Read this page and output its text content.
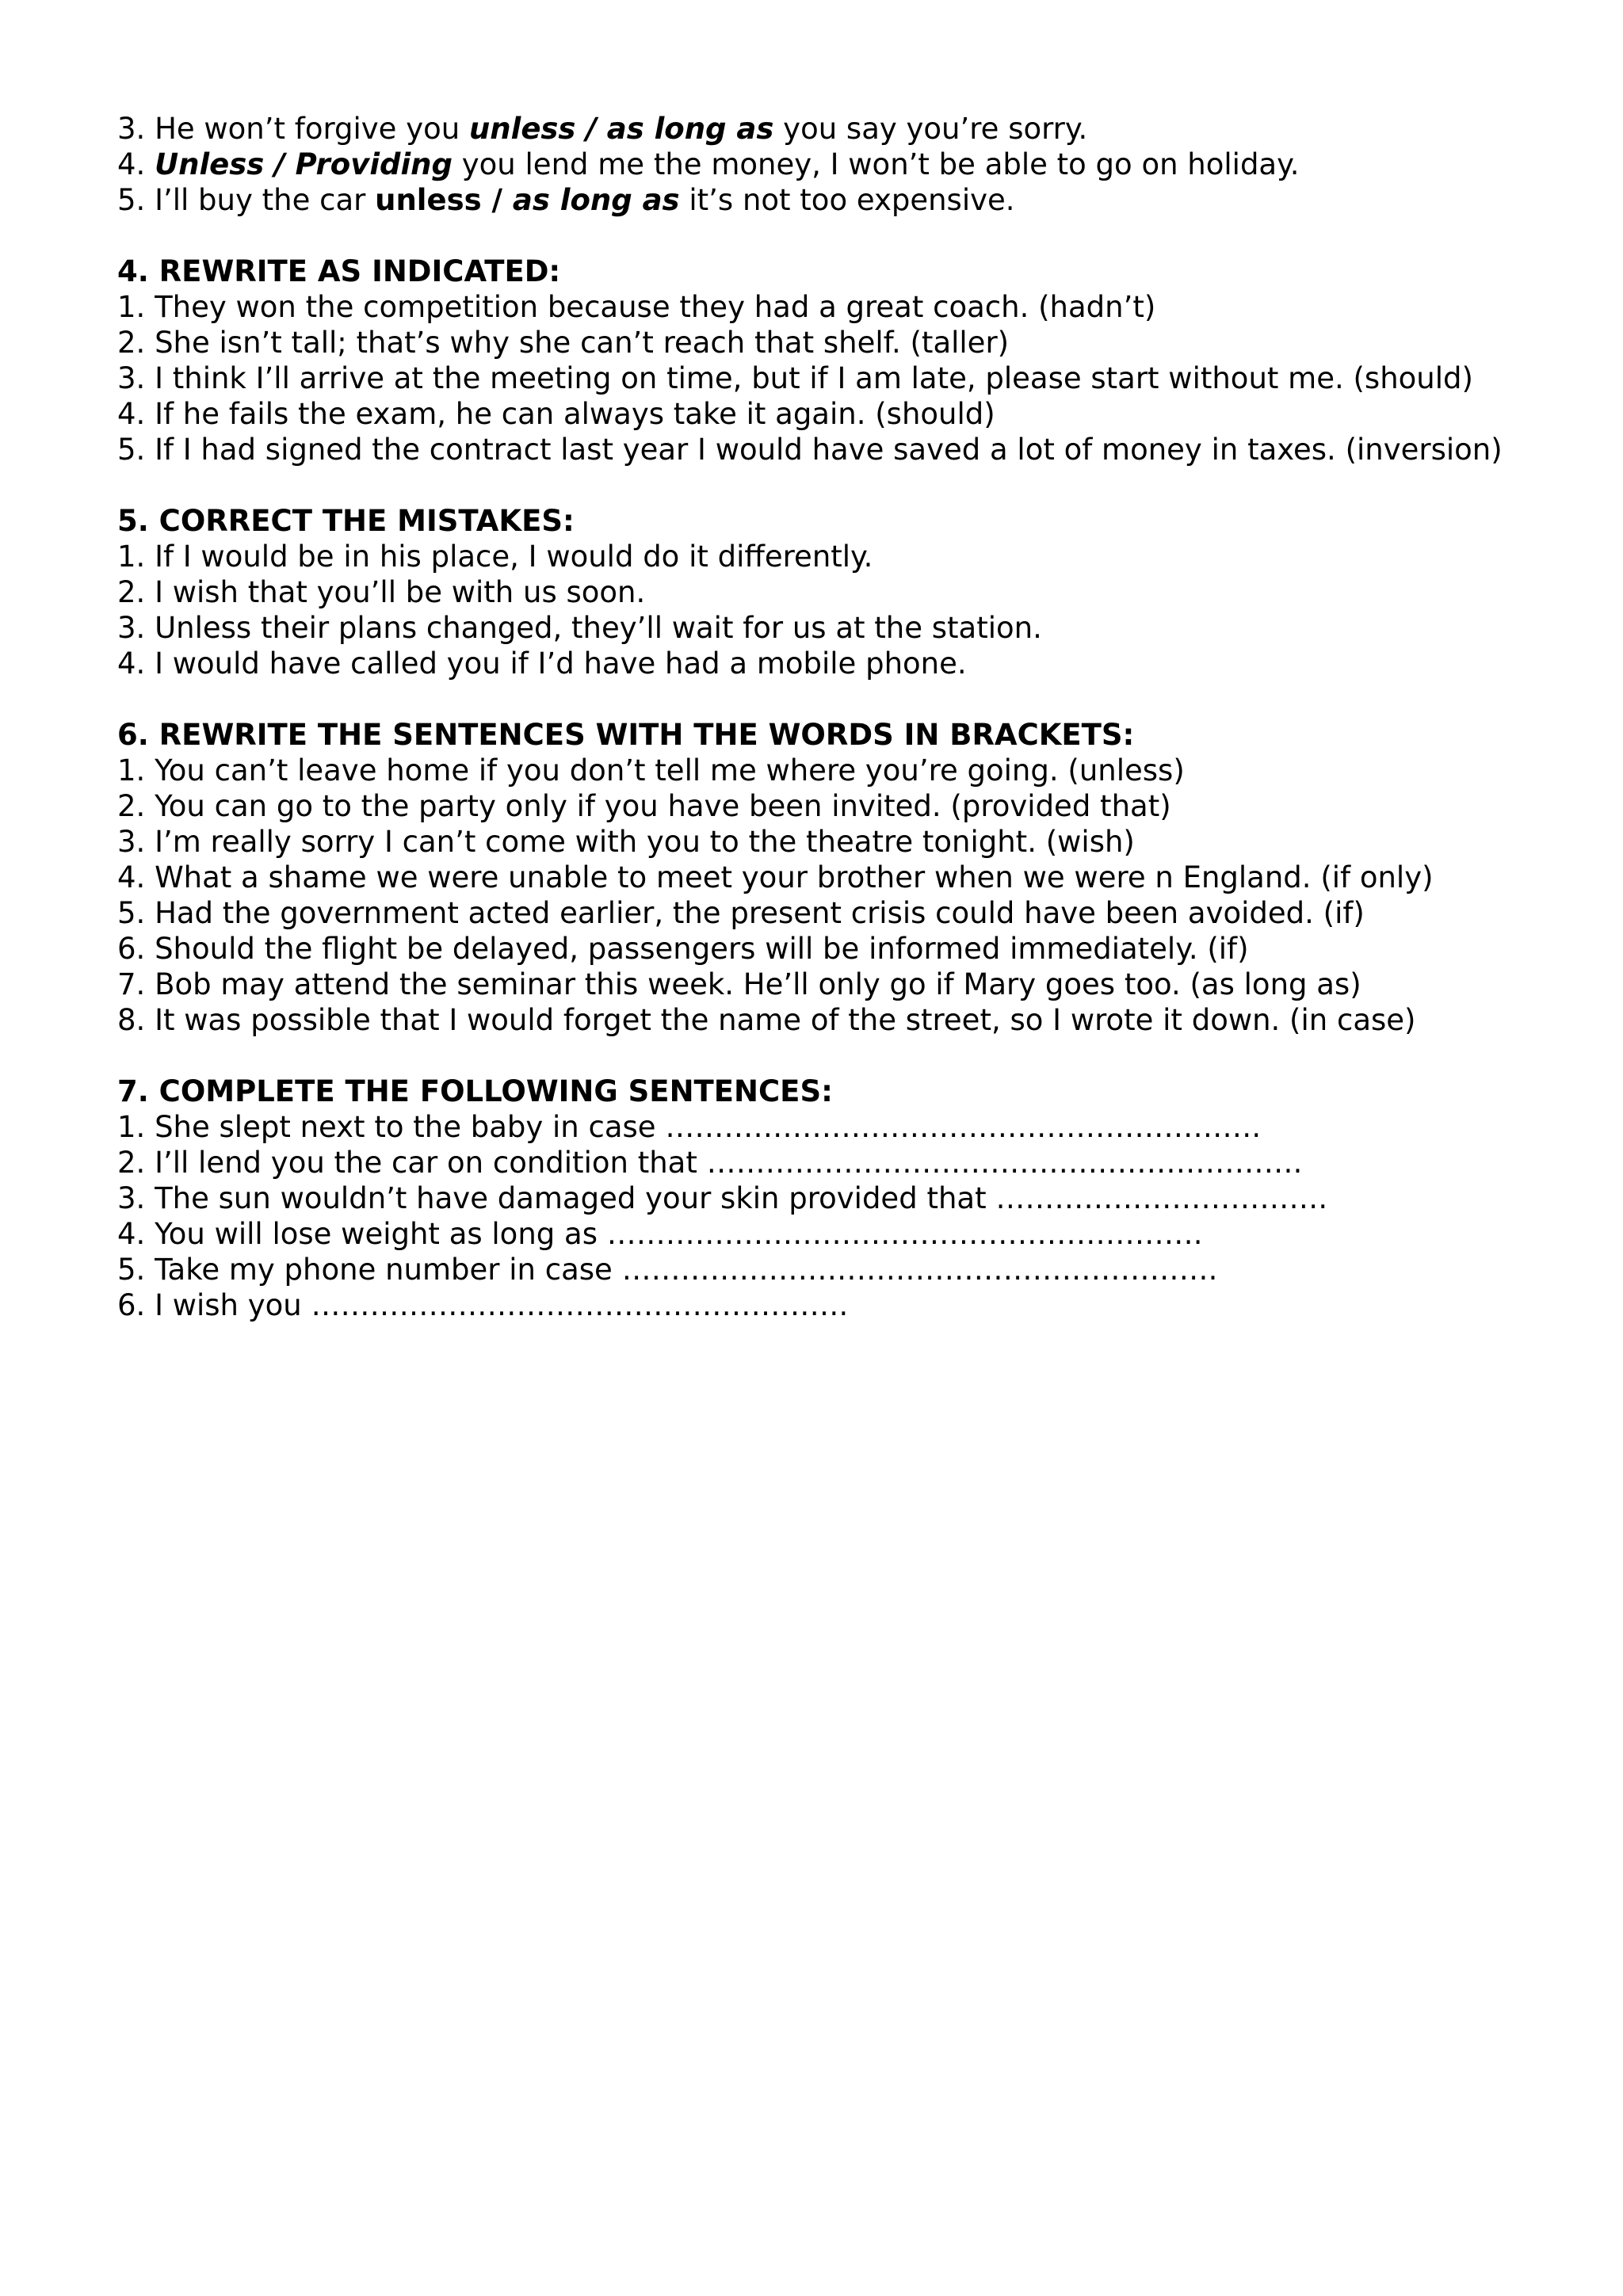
3. He won’t forgive you unless / as long as you say you’re sorry.
4. Unless / Providing you lend me the money, I won’t be able to go on holiday.
5. I’ll buy the car unless / as long as it’s not too expensive.
4. REWRITE AS INDICATED:
1. They won the competition because they had a great coach. (hadn’t)
2. She isn’t tall; that’s why she can’t reach that shelf. (taller)
3. I think I’ll arrive at the meeting on time, but if I am late, please start without me. (should)
4. If he fails the exam, he can always take it again. (should)
5. If I had signed the contract last year I would have saved a lot of money in taxes. (inversion)
5. CORRECT THE MISTAKES:
1. If I would be in his place, I would do it differently.
2. I wish that you’ll be with us soon.
3. Unless their plans changed, they’ll wait for us at the station.
4. I would have called you if I’d have had a mobile phone.
6. REWRITE THE SENTENCES WITH THE WORDS IN BRACKETS:
1. You can’t leave home if you don’t tell me where you’re going. (unless)
2. You can go to the party only if you have been invited. (provided that)
3. I’m really sorry I can’t come with you to the theatre tonight. (wish)
4. What a shame we were unable to meet your brother when we were n England. (if only)
5. Had the government acted earlier, the present crisis could have been avoided. (if)
6. Should the flight be delayed, passengers will be informed immediately. (if)
7. Bob may attend the seminar this week. He’ll only go if Mary goes too. (as long as)
8. It was possible that I would forget the name of the street, so I wrote it down. (in case)
7. COMPLETE THE FOLLOWING SENTENCES:
1. She slept next to the baby in case …………………………………………………….
2. I’ll lend you the car on condition that …………………………………………………….
3. The sun wouldn’t have damaged your skin provided that …………………………….
4. You will lose weight as long as …………………………………………………….
5. Take my phone number in case …………………………………………………….
6. I wish you ……………………………………………….
